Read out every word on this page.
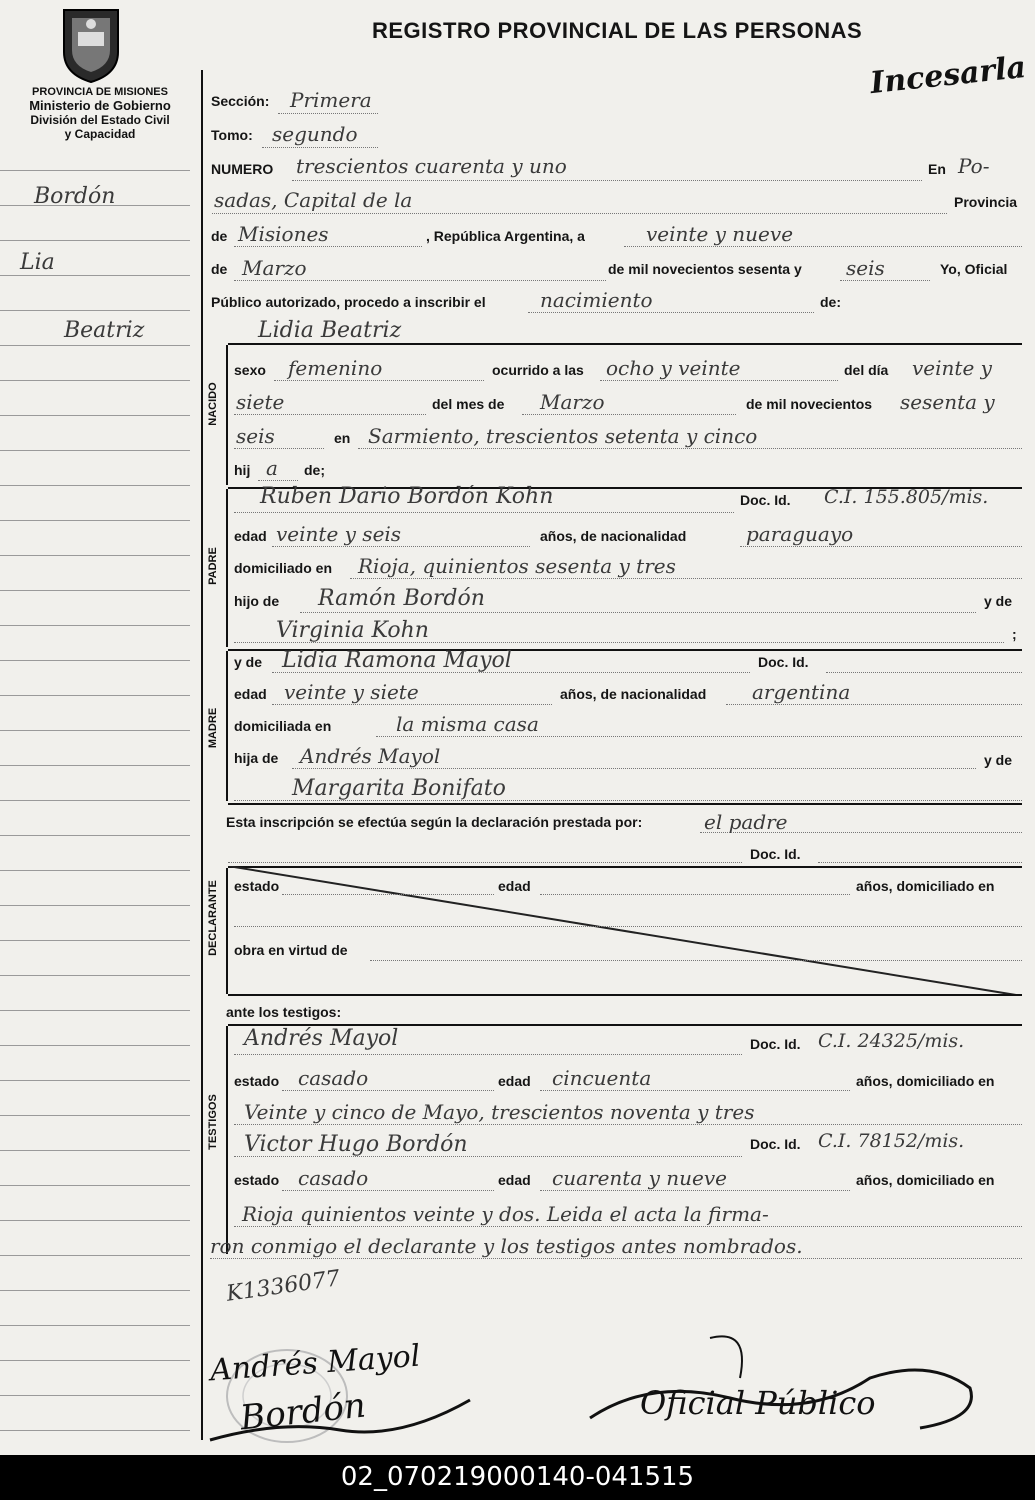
PROVINCIA DE MISIONES
Ministerio de Gobierno
División del Estado Civil
y Capacidad
REGISTRO PROVINCIAL DE LAS PERSONAS
Incesarla
Bordón
Lia
Beatriz
Sección: Primera
Tomo: segundo
NUMERO trescientos cuarenta y uno	En Po-
sadas, Capital de la	Provincia
de Misiones	, República Argentina, a	veinte y nueve
de Marzo	de mil novecientos sesenta y seis	Yo, Oficial
Público autorizado, procedo a inscribir el	nacimiento	de:
Lidia Beatriz
NACIDO
sexo femenino	ocurrido a las ocho y veinte	del día veinte y
siete	del mes de Marzo	de mil novecientos sesenta y
seis	en Sarmiento, trescientos setenta y cinco
hij a de;
PADRE
Ruben Dario Bordón Kohn	Doc. Id. C.I. 155.805/mis.
edad veinte y seis	años, de nacionalidad	paraguayo
domiciliado en Rioja, quinientos sesenta y tres
hijo de Ramón Bordón	y de
Virginia Kohn	;
MADRE
y de Lidia Ramona Mayol	Doc. Id.
edad veinte y siete	años, de nacionalidad argentina
domiciliada en	la misma casa
hija de Andrés Mayol	y de
Margarita Bonifato
Esta inscripción se efectúa según la declaración prestada por:	el padre
Doc. Id.
DECLARANTE estado	edad	años, domiciliado en
obra en virtud de
ante los testigos:
TESTIGOS
Andrés Mayol	Doc. Id. C.I. 24325/mis.
estado casado	edad cincuenta	años, domiciliado en
Veinte y cinco de Mayo, trescientos noventa y tres
Victor Hugo Bordón	Doc. Id. C.I. 78152/mis.
estado casado	edad cuarenta y nueve	años, domiciliado en
Rioja quinientos veinte y dos. Leida el acta la firma-
ron conmigo el declarante y los testigos antes nombrados.
K1336077
Andrés Mayol
Bordón	Oficial Público
02_070219000140-041515
